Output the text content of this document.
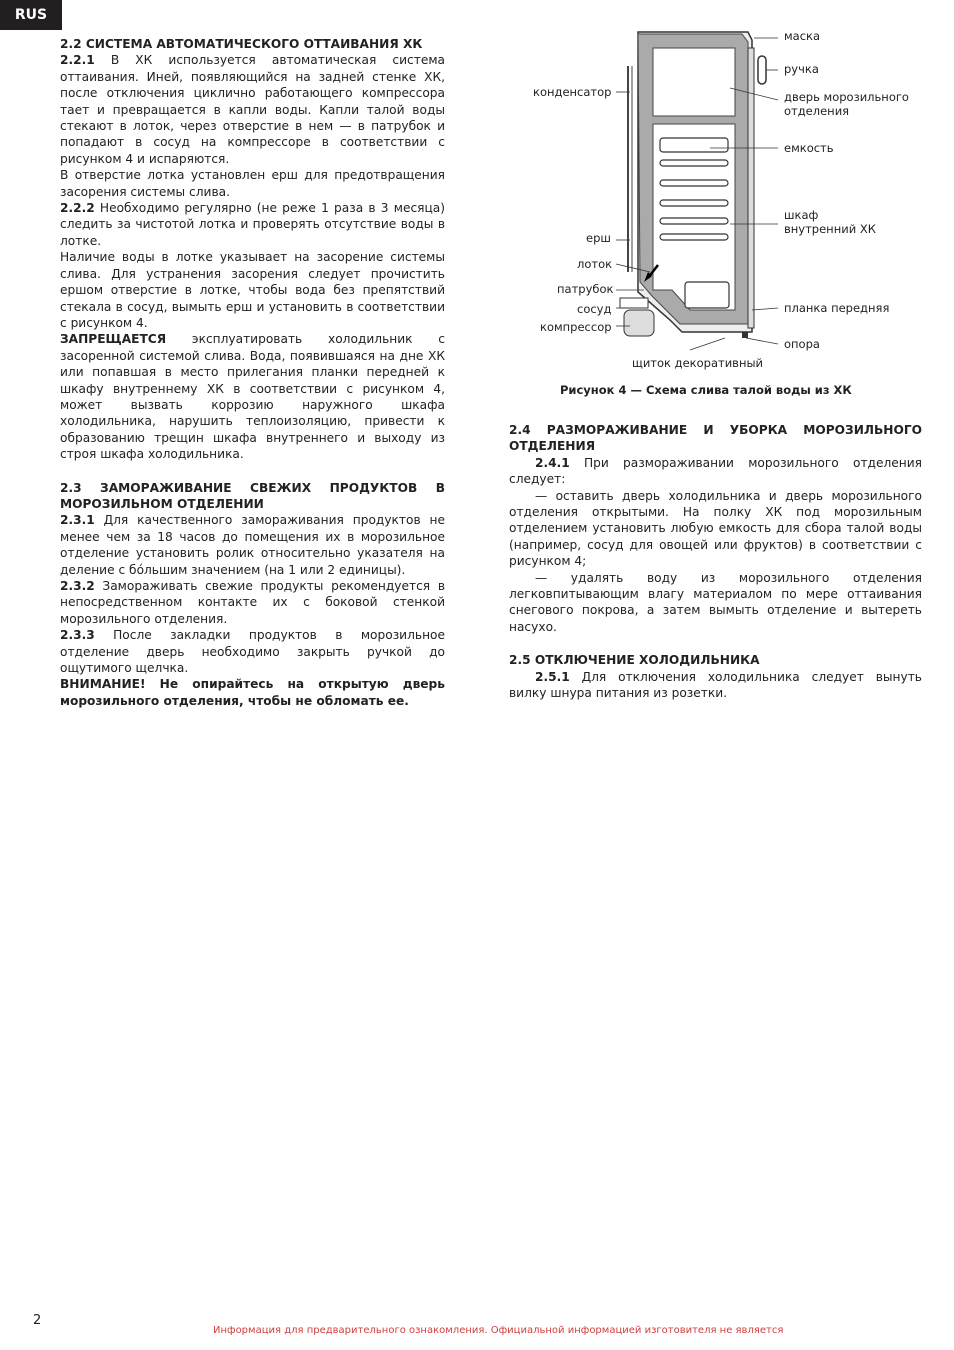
RUS

2.2 СИСТЕМА АВТОМАТИЧЕСКОГО ОТТАИВАНИЯ ХК

2.2.1 В ХК используется автоматическая система оттаивания. Иней, появляющийся на задней стенке ХК, после отключения циклично работающего компрессора тает и превращается в капли воды. Капли талой воды стекают в лоток, через отверстие в нем — в патрубок и попадают в сосуд на компрессоре в соответствии с рисунком 4 и испаряются.

В отверстие лотка установлен ерш для предотвращения засорения системы слива.

2.2.2 Необходимо регулярно (не реже 1 раза в 3 месяца) следить за чистотой лотка и проверять отсутствие воды в лотке.

Наличие воды в лотке указывает на засорение системы слива. Для устранения засорения следует прочистить ершом отверстие в лотке, чтобы вода без препятствий стекала в сосуд, вымыть ерш и установить в соответствии с рисунком 4.

ЗАПРЕЩАЕТСЯ эксплуатировать холодильник с засоренной системой слива. Вода, появившаяся на дне ХК или попавшая в место прилегания планки передней к шкафу внутреннему ХК в соответствии с рисунком 4, может вызвать коррозию наружного шкафа холодильника, нарушить теплоизоляцию, привести к образованию трещин шкафа внутреннего и выходу из строя шкафа холодильника.

2.3 ЗАМОРАЖИВАНИЕ СВЕЖИХ ПРОДУКТОВ В МОРОЗИЛЬНОМ ОТДЕЛЕНИИ

2.3.1 Для качественного замораживания продуктов не менее чем за 18 часов до помещения их в морозильное отделение установить ролик относительно указателя на деление с бóльшим значением (на 1 или 2 единицы).

2.3.2 Замораживать свежие продукты рекомендуется в непосредственном контакте их с боковой стенкой морозильного отделения.

2.3.3 После закладки продуктов в морозильное отделение дверь необходимо закрыть ручкой до ощутимого щелчка.

ВНИМАНИЕ! Не опирайтесь на открытую дверь морозильного отделения, чтобы не обломать ее.

маска
ручка
конденсатор	дверь морозильного отделения
емкость
шкаф внутренний ХК
ерш
лоток
патрубок
сосуд
компрессор
планка передняя
опора
щиток декоративный
Рисунок 4 — Схема слива талой воды из ХК

2.4 РАЗМОРАЖИВАНИЕ И УБОРКА МОРОЗИЛЬНОГО ОТДЕЛЕНИЯ

2.4.1 При размораживании морозильного отделения следует:

— оставить дверь холодильника и дверь морозильного отделения открытыми. На полку ХК под морозильным отделением установить любую емкость для сбора талой воды (например, сосуд для овощей или фруктов) в соответствии с рисунком 4;

— удалять воду из морозильного отделения легковпитывающим влагу материалом по мере оттаивания снегового покрова, а затем вымыть отделение и вытереть насухо.

2.5 ОТКЛЮЧЕНИЕ ХОЛОДИЛЬНИКА

2.5.1 Для отключения холодильника следует вынуть вилку шнура питания из розетки.

2
Информация для предварительного ознакомления. Официальной информацией изготовителя не является
